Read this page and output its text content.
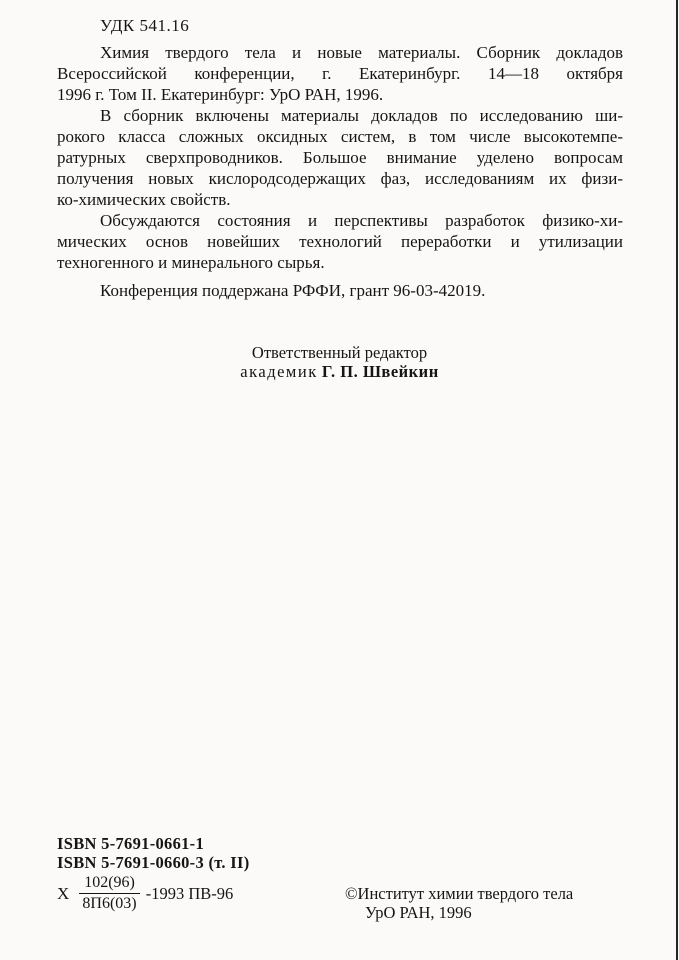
УДК 541.16

Химия твердого тела и новые материалы. Сборник докладов
Всероссийской конференции, г. Екатеринбург. 14—18 октября
1996 г. Том II. Екатеринбург: УрО РАН, 1996.

В сборник включены материалы докладов по исследованию ши-
рокого класса сложных оксидных систем, в том числе высокотемпе-
ратурных сверхпроводников. Большое внимание уделено вопросам
получения новых кислородсодержащих фаз, исследованиям их физи-
ко-химических свойств.

Обсуждаются состояния и перспективы разработок физико-хи-
мических основ новейших технологий переработки и утилизации
техногенного и минерального сырья.

Конференция поддержана РФФИ, грант 96-03-42019.

Ответственный редактор
академик Г. П. Швейкин
ISBN 5-7691-0661-1
ISBN 5-7691-0660-3 (т. II)
Х $\frac{102(96)}{8П6(03)} -1993$ ПВ-96	©Институт химии твердого тела
УрО РАН, 1996
